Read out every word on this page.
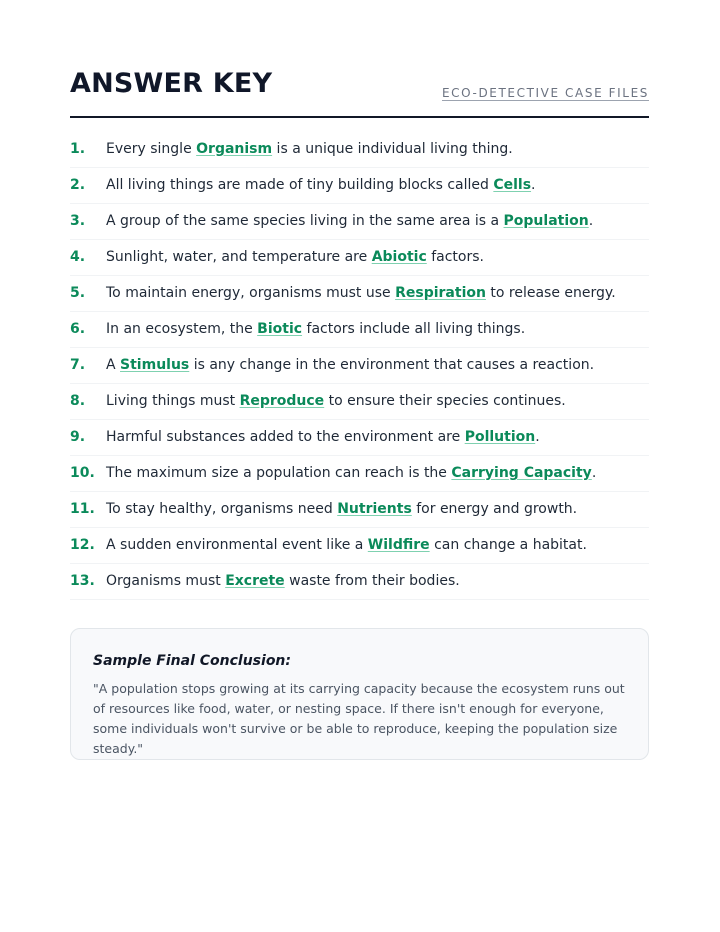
ANSWER KEY	ECO-DETECTIVE CASE FILES
1. Every single Organism is a unique individual living thing.
2. All living things are made of tiny building blocks called Cells.
3. A group of the same species living in the same area is a Population.
4. Sunlight, water, and temperature are Abiotic factors.
5. To maintain energy, organisms must use Respiration to release energy.
6. In an ecosystem, the Biotic factors include all living things.
7. A Stimulus is any change in the environment that causes a reaction.
8. Living things must Reproduce to ensure their species continues.
9. Harmful substances added to the environment are Pollution.
10. The maximum size a population can reach is the Carrying Capacity.
11. To stay healthy, organisms need Nutrients for energy and growth.
12. A sudden environmental event like a Wildfire can change a habitat.
13. Organisms must Excrete waste from their bodies.

Sample Final Conclusion:

"A population stops growing at its carrying capacity because the ecosystem runs out of resources like food, water, or nesting space. If there isn't enough for everyone, some individuals won't survive or be able to reproduce, keeping the population size steady."
